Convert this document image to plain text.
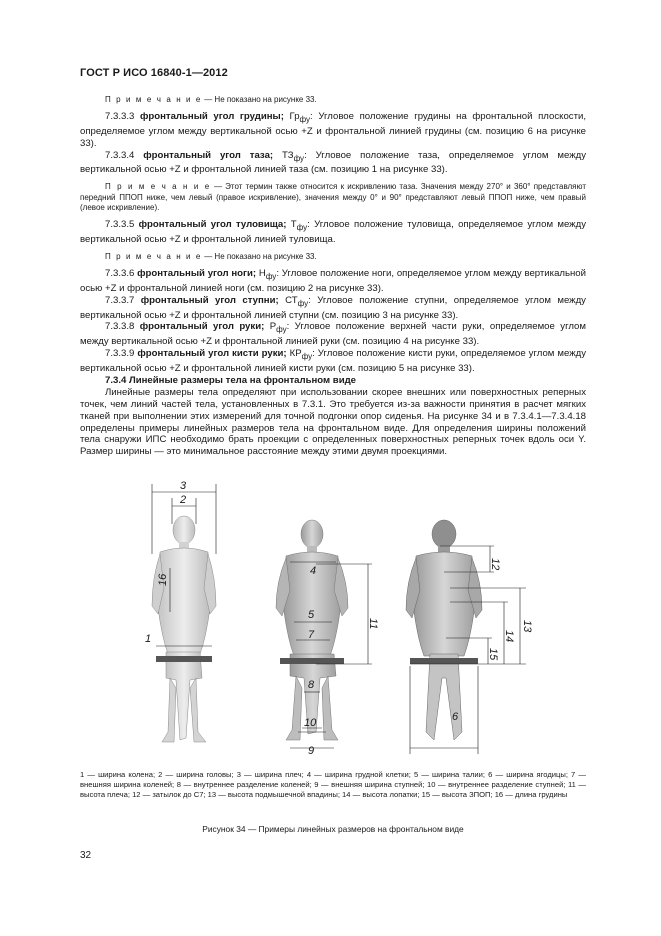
ГОСТ Р ИСО 16840-1—2012

П р и м е ч а н и е — Не показано на рисунке 33.

7.3.3.3 фронтальный угол грудины; $Гр_{фу}$: Угловое положение грудины на фронтальной плоскости, определяемое углом между вертикальной осью +Z и фронтальной линией грудины (см. позицию 6 на рисунке 33).

7.3.3.4 фронтальный угол таза; $ТЗ_{фу}$: Угловое положение таза, определяемое углом между вертикальной осью +Z и фронтальной линией таза (см. позицию 1 на рисунке 33).

П р и м е ч а н и е — Этот термин также относится к искривлению таза. Значения между 270° и 360° представляют передний ППОП ниже, чем левый (правое искривление), значения между 0° и 90° представляют левый ППОП ниже, чем правый (левое искривление).

7.3.3.5 фронтальный угол туловища; $Т_{фу}$: Угловое положение туловища, определяемое углом между вертикальной осью +Z и фронтальной линией туловища.

П р и м е ч а н и е — Не показано на рисунке 33.

7.3.3.6 фронтальный угол ноги; $Н_{фу}$: Угловое положение ноги, определяемое углом между вертикальной осью +Z и фронтальной линией ноги (см. позицию 2 на рисунке 33).

7.3.3.7 фронтальный угол ступни; $СТ_{фу}$: Угловое положение ступни, определяемое углом между вертикальной осью +Z и фронтальной линией ступни (см. позицию 3 на рисунке 33).

7.3.3.8 фронтальный угол руки; $Р_{фу}$: Угловое положение верхней части руки, определяемое углом между вертикальной осью +Z и фронтальной линией руки (см. позицию 4 на рисунке 33).

7.3.3.9 фронтальный угол кисти руки; $КР_{фу}$: Угловое положение кисти руки, определяемое углом между вертикальной осью +Z и фронтальной линией кисти руки (см. позицию 5 на рисунке 33).

7.3.4 Линейные размеры тела на фронтальном виде

Линейные размеры тела определяют при использовании скорее внешних или поверхностных реперных точек, чем линий частей тела, установленных в 7.3.1. Это требуется из-за важности принятия в расчет мягких тканей при выполнении этих измерений для точной подгонки опор сиденья. На рисунке 34 и в 7.3.4.1—7.3.4.18 определены примеры линейных размеров тела на фронтальном виде. Для определения ширины положений тела снаружи ИПС необходимо брать проекции с определенных поверхностных реперных точек вдоль оси Y. Размер ширины — это минимальное расстояние между этими двумя проекциями.

1
2
3
4
5
6
7
8
9
10
11
12
13
14
15
16
1 — ширина колена; 2 — ширина головы; 3 — ширина плеч; 4 — ширина грудной клетки; 5 — ширина талии; 6 — ширина ягодицы; 7 — внешняя ширина коленей; 8 — внутреннее разделение коленей; 9 — внешняя ширина ступней; 10 — внутреннее разделение ступней; 11 — высота плеча; 12 — затылок до С7; 13 — высота подмышечной впадины; 14 — высота лопатки; 15 — высота ЗПОП; 16 — длина грудины
Рисунок 34 — Примеры линейных размеров на фронтальном виде
32
